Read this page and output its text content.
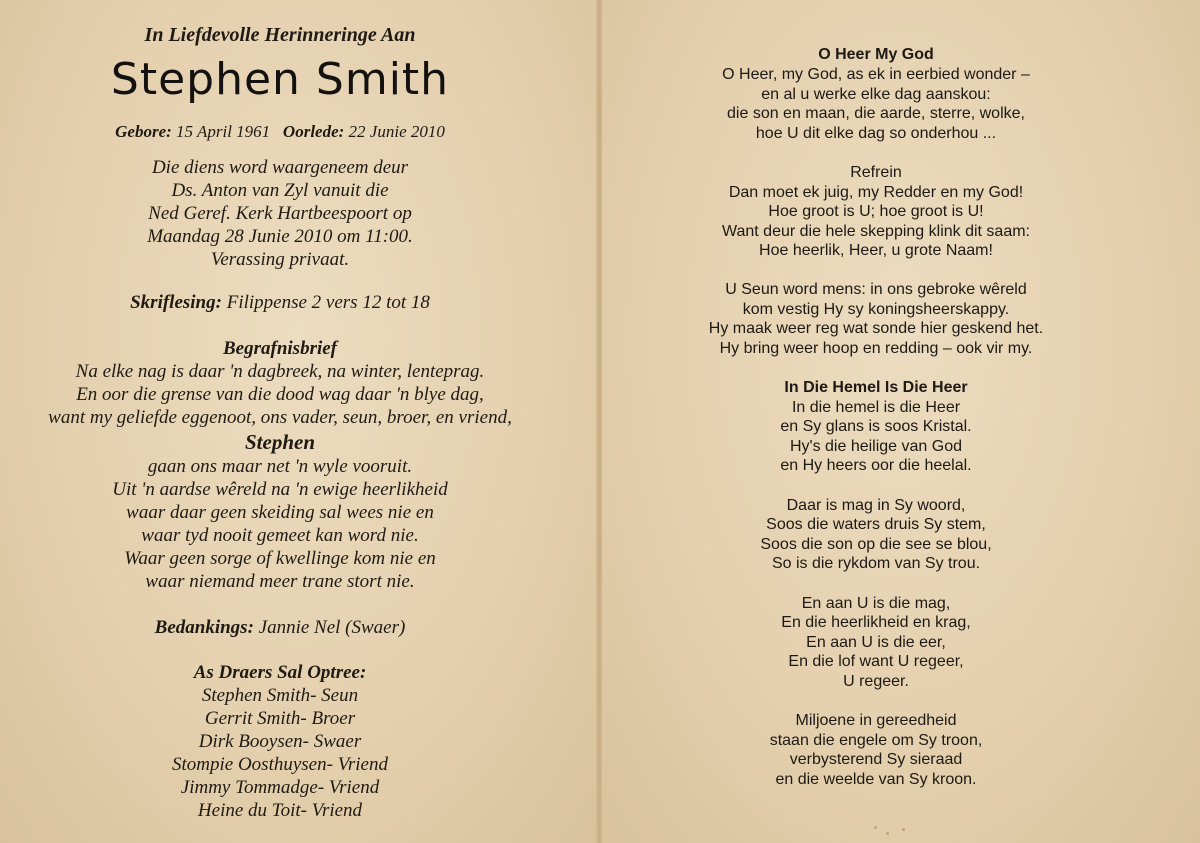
In Liefdevolle Herinneringe Aan
Stephen Smith
Gebore: 15 April 1961 Oorlede: 22 Junie 2010
Die diens word waargeneem deur
Ds. Anton van Zyl vanuit die
Ned Geref. Kerk Hartbeespoort op
Maandag 28 Junie 2010 om 11:00.
Verassing privaat.
Skriflesing: Filippense 2 vers 12 tot 18
Begrafnisbrief
Na elke nag is daar 'n dagbreek, na winter, lenteprag.
En oor die grense van die dood wag daar 'n blye dag,
want my geliefde eggenoot, ons vader, seun, broer, en vriend,
Stephen
gaan ons maar net 'n wyle vooruit.
Uit 'n aardse wêreld na 'n ewige heerlikheid
waar daar geen skeiding sal wees nie en
waar tyd nooit gemeet kan word nie.
Waar geen sorge of kwellinge kom nie en
waar niemand meer trane stort nie.
Bedankings: Jannie Nel (Swaer)
As Draers Sal Optree:
Stephen Smith- Seun
Gerrit Smith- Broer
Dirk Booysen- Swaer
Stompie Oosthuysen- Vriend
Jimmy Tommadge- Vriend
Heine du Toit- Vriend
O Heer My God
O Heer, my God, as ek in eerbied wonder –
en al u werke elke dag aanskou:
die son en maan, die aarde, sterre, wolke,
hoe U dit elke dag so onderhou ...
Refrein
Dan moet ek juig, my Redder en my God!
Hoe groot is U; hoe groot is U!
Want deur die hele skepping klink dit saam:
Hoe heerlik, Heer, u grote Naam!
U Seun word mens: in ons gebroke wêreld
kom vestig Hy sy koningsheerskappy.
Hy maak weer reg wat sonde hier geskend het.
Hy bring weer hoop en redding – ook vir my.
In Die Hemel Is Die Heer
In die hemel is die Heer
en Sy glans is soos Kristal.
Hy's die heilige van God
en Hy heers oor die heelal.
Daar is mag in Sy woord,
Soos die waters druis Sy stem,
Soos die son op die see se blou,
So is die rykdom van Sy trou.
En aan U is die mag,
En die heerlikheid en krag,
En aan U is die eer,
En die lof want U regeer,
U regeer.
Miljoene in gereedheid
staan die engele om Sy troon,
verbysterend Sy sieraad
en die weelde van Sy kroon.
